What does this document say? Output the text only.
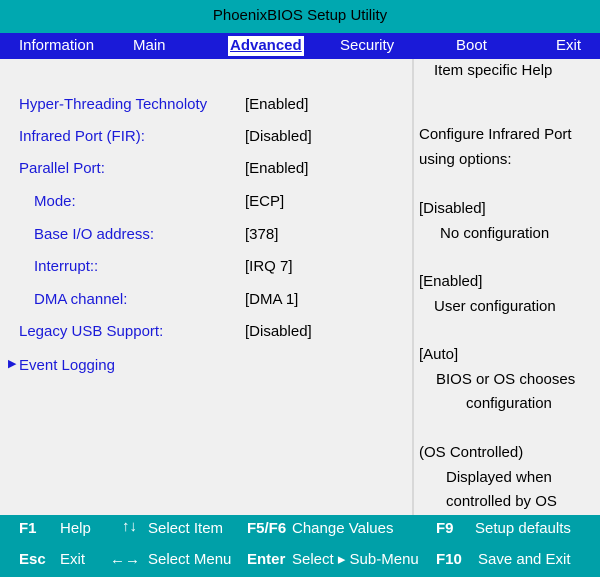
PhoenixBIOS Setup Utility
Information	Main	Advanced	Security	Boot	Exit
Hyper-Threading Technoloty	[Enabled]
Infrared Port (FIR):	[Disabled]
Parallel Port:	[Enabled]
Mode:	[ECP]
Base I/O address:	[378]
Interrupt::	[IRQ 7]
DMA channel:	[DMA 1]
Legacy USB Support:	[Disabled]
▶ Event Logging
Item specific Help
Configure Infrared Port
using options:
[Disabled]
No configuration
[Enabled]
User configuration
[Auto]
BIOS or OS chooses
configuration
(OS Controlled)
Displayed when
controlled by OS
F1 Help ↑↓ Select Item F5/F6 Change Values	F9 Setup defaults
Esc Exit ←→ Select Menu Enter Select ▸ Sub-Menu F10 Save and Exit
